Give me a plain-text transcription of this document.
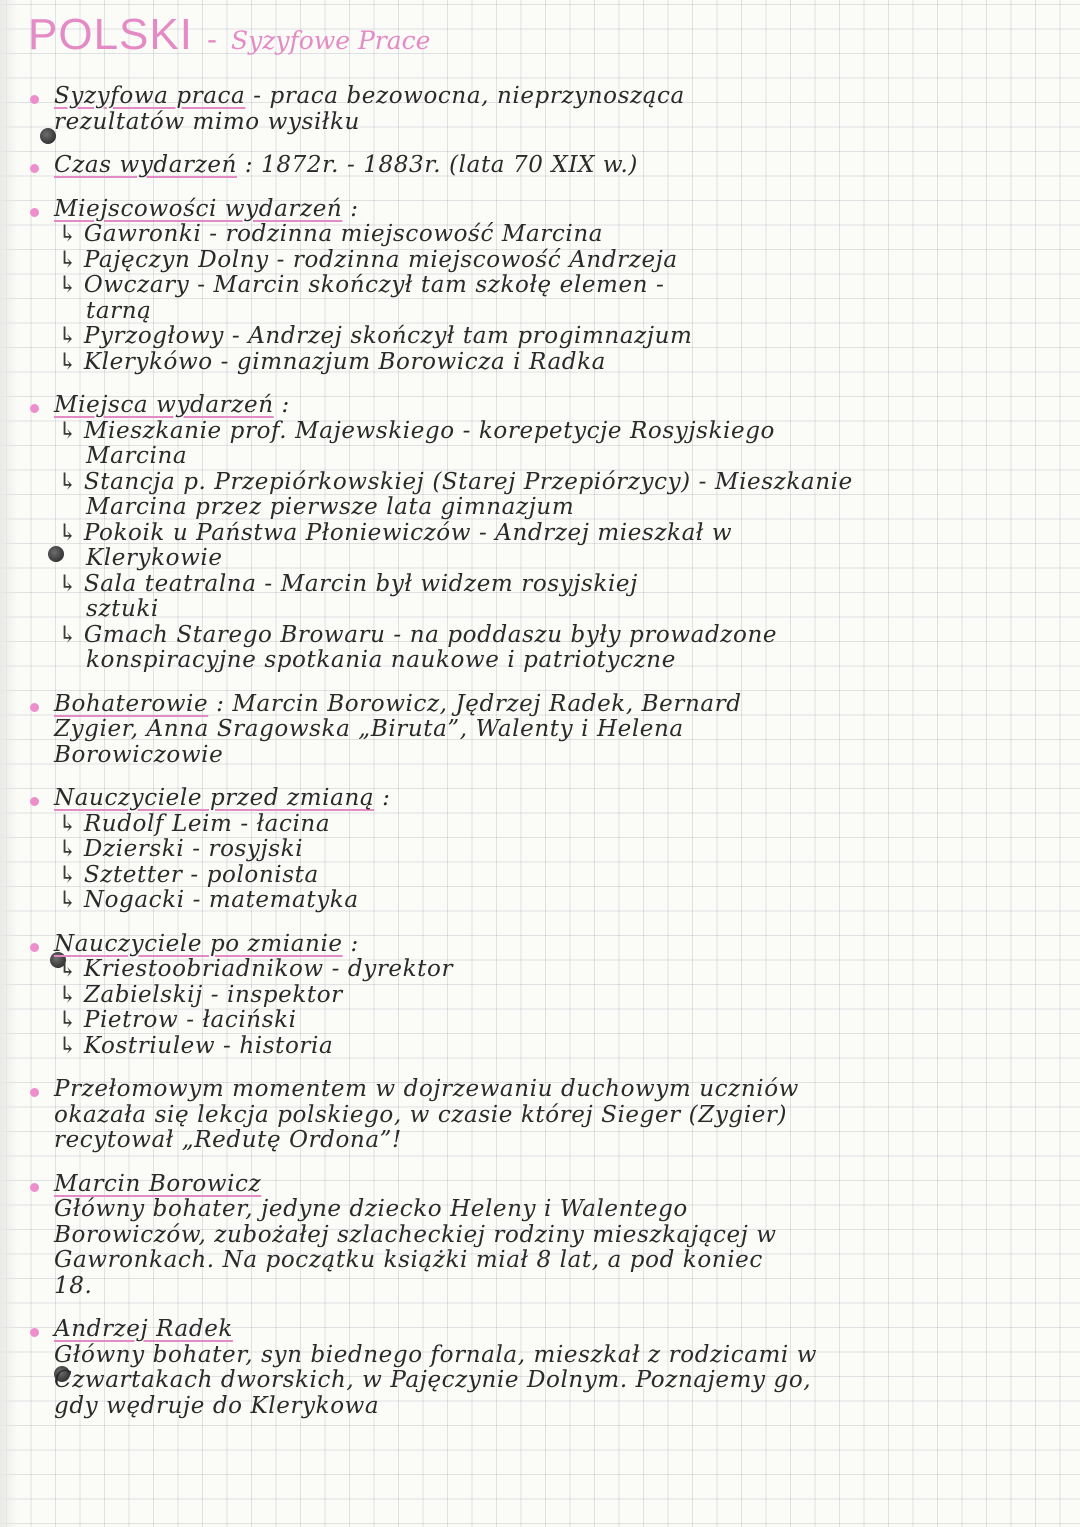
POLSKI - Syzyfowe Prace
Syzyfowa praca - praca bezowocna, nieprzynosząca
rezultatów mimo wysiłku
Czas wydarzeń : 1872r. - 1883r. (lata 70 XIX w.)
Miejscowości wydarzeń :
↳ Gawronki - rodzinna miejscowość Marcina
↳ Pajęczyn Dolny - rodzinna miejscowość Andrzeja
↳ Owczary - Marcin skończył tam szkołę elemen -
tarną
↳ Pyrzogłowy - Andrzej skończył tam progimnazjum
↳ Klerykówo - gimnazjum Borowicza i Radka
Miejsca wydarzeń :
↳ Mieszkanie prof. Majewskiego - korepetycje Rosyjskiego
Marcina
↳ Stancja p. Przepiórkowskiej (Starej Przepiórzycy) - Mieszkanie
Marcina przez pierwsze lata gimnazjum
↳ Pokoik u Państwa Płoniewiczów - Andrzej mieszkał w
Klerykowie
↳ Sala teatralna - Marcin był widzem rosyjskiej
sztuki
↳ Gmach Starego Browaru - na poddaszu były prowadzone
konspiracyjne spotkania naukowe i patriotyczne
Bohaterowie : Marcin Borowicz, Jędrzej Radek, Bernard
Zygier, Anna Sragowska „Biruta”, Walenty i Helena
Borowiczowie
Nauczyciele przed zmianą :
↳ Rudolf Leim - łacina
↳ Dzierski - rosyjski
↳ Sztetter - polonista
↳ Nogacki - matematyka
Nauczyciele po zmianie :
↳ Kriestoobriadnikow - dyrektor
↳ Zabielskij - inspektor
↳ Pietrow - łaciński
↳ Kostriulew - historia
Przełomowym momentem w dojrzewaniu duchowym uczniów
okazała się lekcja polskiego, w czasie której Sieger (Zygier)
recytował „Redutę Ordona”!
Marcin Borowicz
Główny bohater, jedyne dziecko Heleny i Walentego
Borowiczów, zubożałej szlacheckiej rodziny mieszkającej w
Gawronkach. Na początku książki miał 8 lat, a pod koniec
18.
Andrzej Radek
Główny bohater, syn biednego fornala, mieszkał z rodzicami w
Czwartakach dworskich, w Pajęczynie Dolnym. Poznajemy go,
gdy wędruje do Klerykowa
